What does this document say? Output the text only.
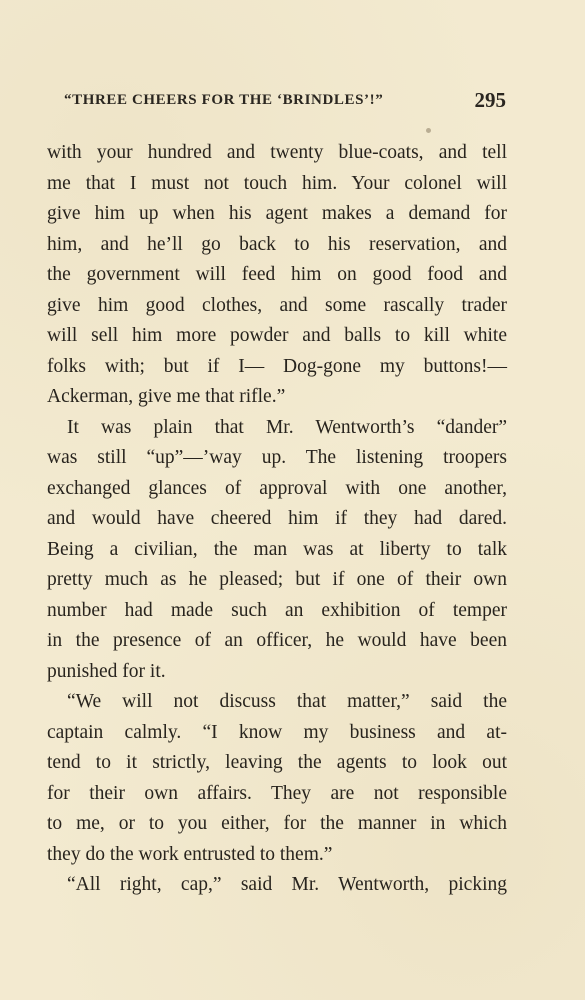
“THREE CHEERS FOR THE ‘BRINDLES’!”	295
with your hundred and twenty blue-coats, and tell
me that I must not touch him. Your colonel will
give him up when his agent makes a demand for
him, and he’ll go back to his reservation, and
the government will feed him on good food and
give him good clothes, and some rascally trader
will sell him more powder and balls to kill white
folks with; but if I— Dog-gone my buttons!—
Ackerman, give me that rifle.”
It was plain that Mr. Wentworth’s “dander”
was still “up”—’way up. The listening troopers
exchanged glances of approval with one another,
and would have cheered him if they had dared.
Being a civilian, the man was at liberty to talk
pretty much as he pleased; but if one of their own
number had made such an exhibition of temper
in the presence of an officer, he would have been
punished for it.
“We will not discuss that matter,” said the
captain calmly. “I know my business and at-
tend to it strictly, leaving the agents to look out
for their own affairs. They are not responsible
to me, or to you either, for the manner in which
they do the work entrusted to them.”
“All right, cap,” said Mr. Wentworth, picking
